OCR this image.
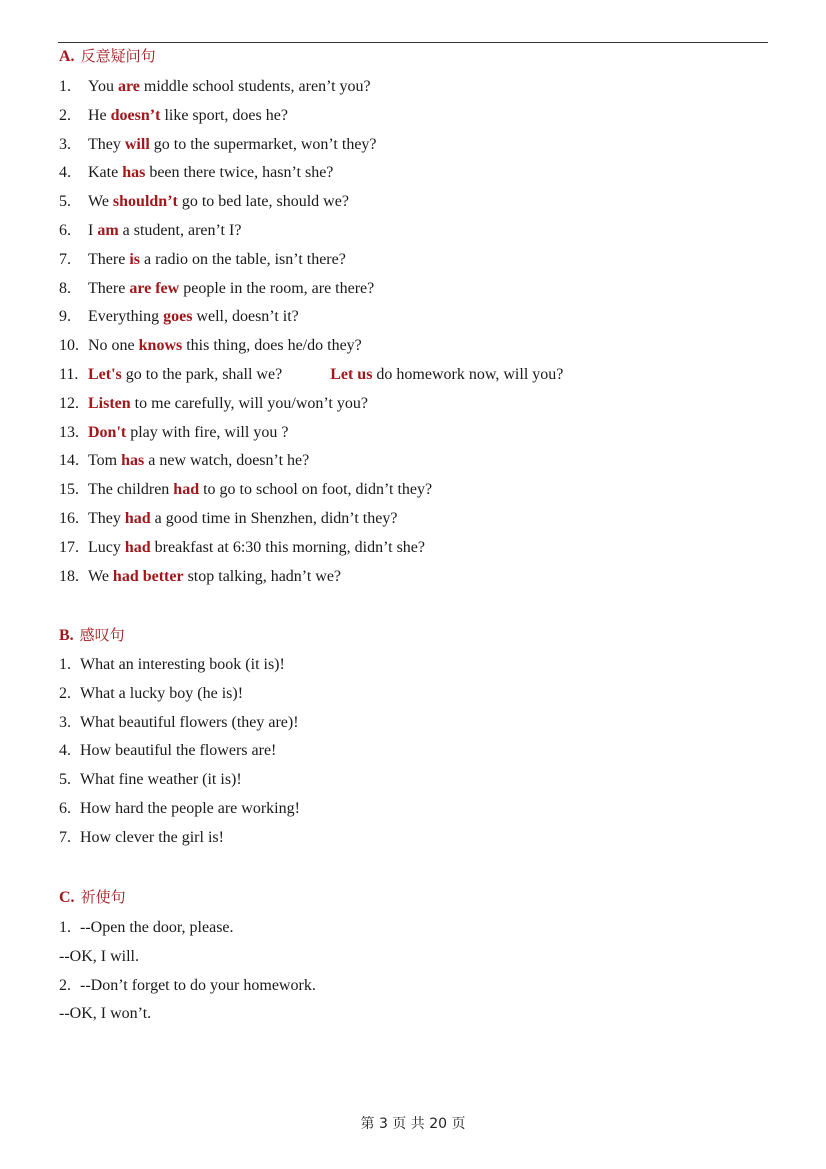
A. 反意疑问句
1. You are middle school students, aren’t you?
2. He doesn’t like sport, does he?
3. They will go to the supermarket, won’t they?
4. Kate has been there twice, hasn’t she?
5. We shouldn’t go to bed late, should we?
6. I am a student, aren’t I?
7. There is a radio on the table, isn’t there?
8. There are few people in the room, are there?
9. Everything goes well, doesn’t it?
10. No one knows this thing, does he/do they?
11. Let's go to the park, shall we?	Let us do homework now, will you?
12. Listen to me carefully, will you/won’t you?
13. Don't play with fire, will you ?
14. Tom has a new watch, doesn’t he?
15. The children had to go to school on foot, didn’t they?
16. They had a good time in Shenzhen, didn’t they?
17. Lucy had breakfast at 6:30 this morning, didn’t she?
18. We had better stop talking, hadn’t we?
B. 感叹句
1. What an interesting book (it is)!
2. What a lucky boy (he is)!
3. What beautiful flowers (they are)!
4. How beautiful the flowers are!
5. What fine weather (it is)!
6. How hard the people are working!
7. How clever the girl is!
C. 祈使句
1. --Open the door, please.
--OK, I will.
2. --Don’t forget to do your homework.
--OK, I won’t.
第 3 页 共 20 页
